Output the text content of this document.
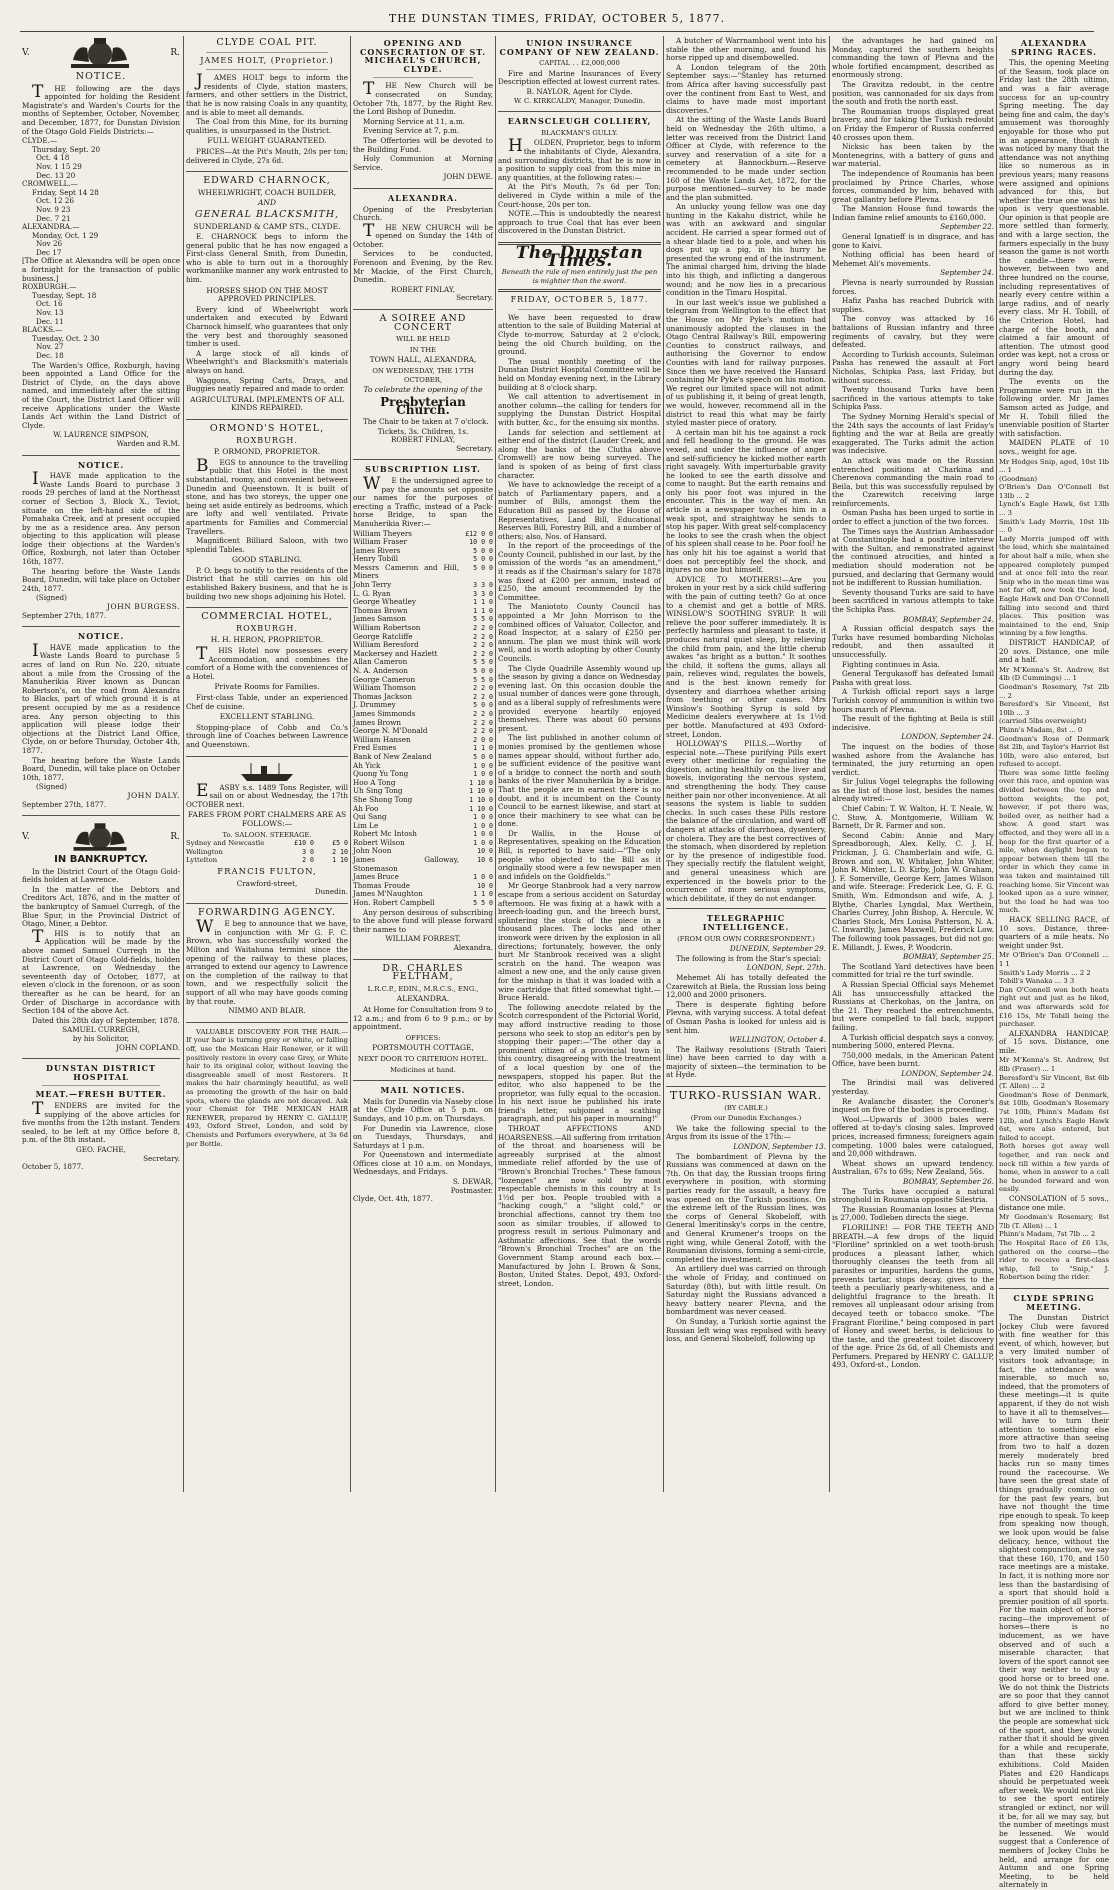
THE DUNSTAN TIMES, FRIDAY, OCTOBER 5, 1877.
V.	R.
NOTICE.

THE following are the days appointed for holding the Resident Magistrate's and Warden's Courts for the months of September, October, November, and December, 1877, for Dunstan Division of the Otago Gold Fields Districts:—

CLYDE.—
Thursday, Sept. 20
Oct. 4 18
Nov. 1 15 29
Dec. 13 20
CROMWELL.—
Friday, Sept 14 28
Oct. 12 26
Nov. 9 23
Dec. 7 21
ALEXANDRA.—
Monday, Oct. 1 29
Nov 26
Dec 17
[The Office at Alexandra will be open once a fortnight for the transaction of public business.]
ROXBURGH.—
Tuesday, Sept. 18
Oct. 16
Nov. 13
Dec. 11
BLACKS.—
Tuesday, Oct. 2 30
Nov. 27
Dec. 18

The Warden's Office, Roxburgh, having been appointed a Land Office for the District of Clyde, on the days above named, and immediately after the sitting of the Court, the District Land Officer will receive Applications under the Waste Lands Act within the Land District of Clyde.

W. LAURENCE SIMPSON,
Warden and R.M.
NOTICE.

IHAVE made application to the Waste Lands Board to purchase 3 roods 29 perches of land at the Northeast corner of Section 3, Block X., Teviot, situate on the left-hand side of the Pomahaka Creek, and at present occupied by me as a residence area. Any person objecting to this application will please lodge their objections at the Warden's Office, Roxburgh, not later than October 16th, 1877.

The hearing before the Waste Lands Board, Dunedin, will take place on October 24th, 1877.

(Signed)
JOHN BURGESS.
September 27th, 1877.
NOTICE.

IHAVE made application to the Waste Lands Board to purchase 5 acres of land on Run No. 220, situate about a mile from the Crossing of the Manuherikia River known as Duncan Robertson's, on the road from Alexandra to Blacks, part of which ground it is at present occupied by me as a residence area. Any person objecting to this application will please lodge their objections at the District Land Office, Clyde, on or before Thursday, October 4th, 1877.

The hearing before the Waste Lands Board, Dunedin, will take place on October 10th, 1877.

(Signed)
JOHN DALY.
September 27th, 1877.
V.	R.
IN BANKRUPTCY.

In the District Court of the Otago Gold-fields holden at Lawrence.

In the matter of the Debtors and Creditors Act, 1876, and in the matter of the bankruptcy of Samuel Curregh, of the Blue Spur, in the Provincial District of Otago, Miner, a Debtor.

THIS is to notify that an Application will be made by the above named Samuel Curregh in the District Court of Otago Gold-fields, holden at Lawrence, on Wednesday the seventeenth day of October, 1877, at eleven o'clock in the forenoon, or as soon thereafter as he can be heard, for an Order of Discharge in accordance with Section 184 of the above Act.

Dated this 28th day of September, 1878.

SAMUEL CURREGH,
by his Solicitor,
JOHN COPLAND.
DUNSTAN DISTRICT HOSPITAL
MEAT.—FRESH BUTTER.

TENDERS are invited for the supplying of the above articles for five months from the 12th instant. Tenders sealed, to be left at my Office before 8, p.m. of the 8th instant.

GEO. FACHE,
Secretary.
October 5, 1877.
CLYDE COAL PIT.
JAMES HOLT, (Proprietor.)

JAMES HOLT begs to inform the residents of Clyde, station masters, farmers, and other settlers in the District, that he is now raising Coals in any quantity, and is able to meet all demands.

The Coal from this Mine, for its burning qualities, is unsurpassed in the District.

FULL WEIGHT GUARANTEED.

PRICES—At the Pit's Mouth, 20s per ton; delivered in Clyde, 27s 6d.

EDWARD CHARNOCK,
WHEELWRIGHT, COACH BUILDER,
AND
GENERAL BLACKSMITH,
SUNDERLAND & CAMP STS., CLYDE.

E. CHARNOCK begs to inform the general public that he has now engaged a First-class General Smith, from Dunedin, who is able to turn out in a thoroughly workmanlike manner any work entrusted to him.

HORSES SHOD ON THE MOST APPROVED PRINCIPLES.

Every kind of Wheelwright work undertaken and executed by Edward Charnock himself, who guarantees that only the very best and thoroughly seasoned timber is used.

A large stock of all kinds of Wheelwright's and Blacksmith's materials always on hand.

Waggons, Spring Carts, Drays, and Buggies neatly repaired and made to order.

AGRICULTURAL IMPLEMENTS OF ALL KINDS REPAIRED.
ORMOND'S HOTEL,
ROXBURGH.
P. ORMOND, PROPRIETOR.

BEGS to announce to the travelling public that this Hotel is the most substantial, roomy, and convenient between Dunedin and Queenstown. It is built of stone, and has two storeys, the upper one being set aside entirely as bedrooms, which are lofty and well ventilated. Private apartments for Families and Commercial Travellers.

Magnificent Billiard Saloon, with two splendid Tables.

GOOD STABLING.

P. O. begs to notify to the residents of the District that he still carries on his old established Bakery business, and that he is building two new shops adjoining his Hotel.

COMMERCIAL HOTEL,
ROXBURGH.
H. H. HERON, PROPRIETOR.

THIS Hotel now possesses every Accommodation, and combines the comfort of a Home with the conveniences of a Hotel.

Private Rooms for Families.

First-class Table, under an experienced Chef de cuisine.

EXCELLENT STABLING.

Stopping-place of Cobb and Co.'s through line of Coaches between Lawrence and Queenstown.

EASBY s.s. 1489 Tons Register, will sail on or about Wednesday, the 17th OCTOBER next.

FARES FROM PORT CHALMERS ARE AS FOLLOWS:—
To. SALOON. STEERAGE.
Sydney and Newcastle	£10 0	£5 0
Wellington	3 0	2 10
Lyttelton	2 0	1 10
FRANCIS FULTON,
Crawford-street,
Dunedin.
FORWARDING AGENCY.

WE beg to announce that we have, in conjunction with Mr G. F. C. Brown, who has successfully worked the Milton and Waitahuna termini since the opening of the railway to these places, arranged to extend our agency to Lawrence on the completion of the railway to that town, and we respectfully solicit the support of all who may have goods coming by that route.

NIMMO AND BLAIR.

VALUABLE DISCOVERY FOR THE HAIR.—If your hair is turning grey or white, or falling off, use the Mexican Hair Renewer, or it will positively restore in every case Grey, or White hair to its original color, without leaving the disagreeable smell of most Restorers. It makes the hair charmingly beautiful, as well as promoting the growth of the hair on bald spots, where the glands are not decayed. Ask your Chemist for THE MEXICAN HAIR RENEWER, prepared by HENRY C. GALLUP, 493, Oxford Street, London, and sold by Chemists and Perfumers everywhere, at 3s 6d per Bottle.

OPENING AND CONSECRATION OF ST. MICHAEL'S CHURCH, CLYDE.

THE New Church will be consecrated on Sunday, October 7th, 1877, by the Right Rev. the Lord Bishop of Dunedin.

Morning Service at 11, a.m.

Evening Service at 7, p.m.

The Offertories will be devoted to the Building Fund.

Holy Communion at Morning Service.

JOHN DEWE.
ALEXANDRA.

Opening of the Presbyterian Church.

THE NEW CHURCH will be opened on Sunday the 14th of October.

Services to be conducted, Forenoon and Evening, by the Rev. Mr Mackie, of the First Church, Dunedin.

ROBERT FINLAY,
Secretary.
A SOIREE AND CONCERT
WILL BE HELD
IN THE
TOWN HALL, ALEXANDRA,
ON WEDNESDAY, THE 17TH OCTOBER,
To celebrate the opening of the
Presbyterian Church.

The Chair to be taken at 7 o'clock.

Tickets, 3s. Children, 1s.
ROBERT FINLAY,
Secretary.
SUBSCRIPTION LIST.

WE the undersigned agree to pay the amounts set opposite our names for the purposes of erecting a Traffic, instead of a Pack-horse Bridge, to span the Manuherikia River:—

William Theyers	£12 0 0
William Fraser	10 0 0
James Rivers	5 0 0
Henry Tobill	5 0 0
Messrs Cameron and Hill, Miners
5 0 0
John Terry	3 3 0
L. G. Ryan	3 3 0
George Wheatley	1 1 0
Thomas Brown	1 1 0
James Samson	5 5 0
William Robertson	2 2 0
George Ratcliffe	2 2 0
William Beresford	2 2 0
Mackersey and Hazlett	2 2 0
Allan Cameron	5 5 0
N. A. Anderson	5 0 0
George Cameron	5 5 0
William Thomson	2 2 0
Thomas Jackson	2 2 0
J. Drummey	5 0 0
James Simmonds	2 2 0
James Brown	2 2 0
George N. M'Donald	2 2 0
William Hansen	2 0 0
Fred Esmes	1 1 0
Bank of New Zealand	5 0 0
Ah Yick	1 0 0
Quong Yu Tong	1 0 0
Hoo A Tong	1 10 0
Uh Sing Tong	1 10 0
She Shong Tong	1 10 0
Ah Foo	1 10 0
Qui Sang	1 0 0
Lim Le	1 0 0
Robert Mc Intosh	1 0 0
Robert Wilson	1 0 0
John Noon	10 0
James Galloway, Stonemason
10 6
James Bruce	1 0 0
Thomas Froude	10 0
James M'Naughton	1 1 0
Hon. Robert Campbell	5 5 0

Any person desirous of subscribing to the above fund will please forward their names to

WILLIAM FORREST,
Alexandra.
DR. CHARLES FELTHAM,
L.R.C.P., EDIN., M.R.C.S., ENG.,
ALEXANDRA.

At Home for Consultation from 9 to 12 a.m.; and from 6 to 9 p.m.; or by appointment.

OFFICES:
PORTSMOUTH COTTAGE,
NEXT DOOR TO CRITERION HOTEL.
Medicines at hand.
MAIL NOTICES.

Mails for Dunedin via Naseby close at the Clyde Office at 5 p.m. on Sundays, and 10 p.m. on Thursdays.

For Dunedin via Lawrence, close on Tuesdays, Thursdays, and Saturdays at 1 p.m.

For Queenstown and intermediate Offices close at 10 a.m. on Mondays, Wednesdays, and Fridays.

S. DEWAR,
Postmaster.
Clyde, Oct. 4th, 1877.
UNION INSURANCE COMPANY OF NEW ZEALAND.
CAPITAL . . £2,000,000

Fire and Marine Insurances of Every Description effected at lowest current rates.

B. NAYLOR, Agent for Clyde.
W. C. KIRKCALDY, Manager, Dunedin.
EARNSCLEUGH COLLIERY,
BLACKMAN'S GULLY.

HOLDEN, Proprietor, begs to inform the inhabitants of Clyde, Alexandra, and surrounding districts, that he is now in a position to supply coal from this mine in any quantities, at the following rates:—

At the Pit's Mouth, 7s 6d per Ton; delivered in Clyde within a mile of the Court-house, 20s per ton.

NOTE.—This is undoubtedly the nearest approach to true Coal that has ever been discovered in the Dunstan District.

The Dunstan Times.
Beneath the rule of men entirely just the pen is mightier than the sword.
FRIDAY, OCTOBER 5, 1877.

We have been requested to draw attention to the sale of Building Material at Clyde to-morrow, Saturday at 2 o'clock, being the old Church building, on the ground.

The usual monthly meeting of the Dunstan District Hospital Committee will be held on Monday evening next, in the Library building at 8 o'clock sharp.

We call attention to advertisement in another column—the calling for tenders for supplying the Dunstan District Hospital with butter, &c., for the ensuing six months.

Lands for selection and settlement at either end of the district (Lauder Creek, and along the banks of the Clutha above Cromwell) are now being surveyed. The land is spoken of as being of first class character.

We have to acknowledge the receipt of a batch of Parliamentary papers, and a number of Bills, amongst them the Education Bill as passed by the House of Representatives, Land Bill, Educational Reserves Bill, Forestry Bill, and a number of others; also, Nos. of Hansard.

In the report of the proceedings of the County Council, published in our last, by the omission of the words "as an amendment," it reads as if the Chairman's salary for 1878 was fixed at £200 per annum, instead of £250, the amount recommended by the Committee.

The Maniototo County Council has appointed a Mr John Morrison to the combined offices of Valuator, Collector, and Road Inspector, at a salary of £250 per annum. The plan we must think will work well, and is worth adopting by other County Councils.

The Clyde Quadrille Assembly wound up the season by giving a dance on Wednesday evening last. On this occasion double the usual number of dances were gone through, and as a liberal supply of refreshments were provided everyone heartily enjoyed themselves. There was about 60 persons present.

The list published in another column of monies promised by the gentlemen whose names appear should, without further ado, be sufficient evidence of the positive want of a bridge to connect the north and south banks of the river Manuherikia by a bridge. That the people are in earnest there is no doubt, and it is incumbent on the County Council to be earnest likewise, and start at once their machinery to see what can be done.

Dr Wallis, in the House of Representatives, speaking on the Education Bill, is reported to have said:—"The only people who objected to the Bill as it originally stood were a few newspaper men and infidels on the Goldfields."

Mr George Stanbrook had a very narrow escape from a serious accident on Saturday afternoon. He was fixing at a hawk with a breech-loading gun, and the breech burst, splintering the stock of the piece in a thousand places. The locks and other ironwork were driven by the explosion in all directions; fortunately, however, the only hurt Mr Stanbrook received was a slight scratch on the hand. The weapon was almost a new one, and the only cause given for the mishap is that it was loaded with a wire cartridge that fitted somewhat tight.—Bruce Herald.

The following anecdote related by the Scotch correspondent of the Pictorial World, may afford instructive reading to those persons who seek to stop an editor's pen by stopping their paper:—"The other day a prominent citizen of a provincial town in this country, disagreeing with the treatment of a local question by one of the newspapers, stopped his paper. But the editor, who also happened to be the proprietor, was fully equal to the occasion. In his next issue he published his irate friend's letter, subjoined a scathing paragraph, and put his paper in mourning!"

THROAT AFFECTIONS AND HOARSENESS.—All suffering from irritation of the throat and hoarseness will be agreeably surprised at the almost immediate relief afforded by the use of "Brown's Bronchial Troches." These famous "lozenges" are now sold by most respectable chemists in this country at 1s 1½d per box. People troubled with a "hacking cough," a "slight cold," or bronchial affections, cannot try them too soon as similar troubles, if allowed to progress result in serious Pulmonary and Asthmatic affections. See that the words "Brown's Bronchial Troches" are on the Government Stamp around each box.—Manufactured by John I. Brown & Sons, Boston, United States. Depot, 493, Oxford-street, London.

A butcher of Warrnambool went into his stable the other morning, and found his horse ripped up and disembowelled.

A London telegram of the 20th September says:—"Stanley has returned from Africa after having successfully past over the continent from East to West, and claims to have made most important discoveries."

At the sitting of the Waste Lands Board held on Wednesday the 26th ultimo, a letter was received from the District Land Officer at Clyde, with reference to the survey and reservation of a site for a cemetery at Bannockburn.—Reserve recommended to be made under section 160 of the Waste Lands Act, 1872, for the purpose mentioned—survey to be made and the plan submitted.

An unlucky young fellow was one day hunting in the Kakahu district, while he was with an awkward and singular accident. He carried a spear formed out of a shear blade tied to a pole, and when his dogs put up a pig, in his hurry he presented the wrong end of the instrument. The animal charged him, driving the blade into his thigh, and inflicting a dangerous wound; and he now lies in a precarious condition in the Timaru Hospital.

In our last week's issue we published a telegram from Wellington to the effect that the House on Mr Pyke's motion had unanimously adopted the clauses in the Otago Central Railway's Bill, empowering Counties to construct railways, and authorising the Governor to endow Counties with land for railway purposes. Since then we have received the Hansard containing Mr Pyke's speech on his motion. We regret our limited space will not admit of us publishing it, it being of great length, we would, however, recommend all in the district to read this what may be fairly styled master piece of oratory.

A certain man bit his toe against a rock and fell headlong to the ground. He was vexed, and under the influence of anger and self-sufficiency he kicked mother earth right savagely. With imperturbable gravity he looked to see the earth dissolve and come to naught. But the earth remains and only his poor foot was injured in the encounter. This is the way of men. An article in a newspaper touches him in a weak spot, and straightway he sends to stop his paper. With great self-complacency he looks to see the crash when the object of his spleen shall cease to be. Poor fool! he has only hit his toe against a world that does not perceptibly feel the shock, and injures no one but himself.

ADVICE TO MOTHERS!—Are you broken in your rest by a sick child suffering with the pain of cutting teeth? Go at once to a chemist and get a bottle of MRS. WINSLOW'S SOOTHING SYRUP. It will relieve the poor sufferer immediately. It is perfectly harmless and pleasant to taste, it produces natural quiet sleep, by relieving the child from pain, and the little cherub awakes "as bright as a button." It soothes the child, it softens the gums, allays all pain, relieves wind, regulates the bowels, and is the best known remedy for dysentery and diarrhoea whether arising from teething or other causes. Mrs Winslow's Soothing Syrup is sold by Medicine dealers everywhere at 1s 1½d per bottle. Manufactured at 493 Oxford-street, London.

HOLLOWAY'S PILLS.—Worthy of especial note.—These purifying Pills exert every other medicine for regulating the digestion, acting healthily on the liver and bowels, invigorating the nervous system, and strengthening the body. They cause neither pain nor other inconvenience. At all seasons the system is liable to sudden checks. In such cases these Pills restore the balance of the circulation, and ward off dangers at attacks of diarrhoea, dysentery, or cholera. They are the best correctives of the stomach, when disordered by repletion or by the presence of indigestible food. They specially rectify the flatulent weight, and general uneasiness which are experienced in the bowels prior to the occurrence of more serious symptoms, which debilitate, if they do not endanger.

TELEGRAPHIC INTELLIGENCE.
(FROM OUR OWN CORRESPONDENT.)
DUNEDIN, September 29.

The following is from the Star's special:

LONDON, Sept. 27th.

Mehemet Ali has totally defeated the Czarewitch at Biela, the Russian loss being 12,000 and 2000 prisoners.

There is desperate fighting before Plevna, with varying success. A total defeat of Osman Pasha is looked for unless aid is sent him.

WELLINGTON, October 4.

The Railway resolutions (Strath Taieri line) have been carried to day with a majority of sixteen—the termination to be at Hyde.

TURKO-RUSSIAN WAR.
(BY CABLE.)
(From our Dunedin Exchanges.)

We take the following special to the Argus from its issue of the 17th:—

LONDON, September 13.

The bombardment of Plevna by the Russians was commenced at dawn on the 7th. On that day, the Russian troops firing everywhere in position, with storming parties ready for the assault, a heavy fire was opened on the Turkish positions. On the extreme left of the Russian lines, was the corps of General Skobeloff, with General Imeritinsky's corps in the centre, and General Krumener's troops on the right wing, while General Zotoff, with the Roumanian divisions, forming a semi-circle, completed the investment.

An artillery duel was carried on through the whole of Friday, and continued on Saturday (8th), but with little result. On Saturday night the Russians advanced a heavy battery nearer Plevna, and the bombardment was never ceased.

On Sunday, a Turkish sortie against the Russian left wing was repulsed with heavy loss, and General Skobeloff, following up

the advantages he had gained on Monday, captured the southern heights commanding the town of Plevna and the whole fortified encampment, described as enormously strong.

The Gravitza redoubt, in the centre position, was cannonaded for six days from the south and froth the north east.

The Roumanian troops displayed great bravery, and for taking the Turkish redoubt on Friday the Emperor of Russia conferred 40 crosses upon them.

Nicksic has been taken by the Montenegrins, with a battery of guns and war material.

The independence of Roumania has been proclaimed by Prince Charles, whose forces, commanded by him, behaved with great gallantry before Plevna.

The Mansion House fund towards the Indian famine relief amounts to £160,000.

September 22.

General Ignatieff is in disgrace, and has gone to Kaivi.

Nothing official has been heard of Mehemet Ali's movements.

September 24.

Plevna is nearly surrounded by Russian forces.

Hafiz Pasha has reached Dubrick with supplies.

The convoy was attacked by 16 battalions of Russian infantry and three regiments of cavalry, but they were defeated.

According to Turkish accounts, Suleiman Pasha has renewed the assault at Fort Nicholas, Schipka Pass, last Friday, but without success.

Twenty thousand Turks have been sacrificed in the various attempts to take Schipka Pass.

The Sydney Morning Herald's special of the 24th says the accounts of last Friday's fighting and the war at Beila are greatly exaggerated. The Turks admit the action was indecisive.

An attack was made on the Russian entrenched positions at Charkina and Cherenova commanding the main road to Beila, but this was successfully repulsed by the Czarewitch receiving large reinforcements.

Osman Pasha has been urged to sortie in order to effect a junction of the two forces.

The Times says the Austrian Ambassador at Constantinople had a positive interview with the Sultan, and remonstrated against the continued atrocities, and hinted a mediation should moderation not be pursued, and declaring that Germany would not be indifferent to Russian humiliation.

Seventy thousand Turks are said to have been sacrificed in various attempts to take the Schipka Pass.

BOMBAY, September 24.

A Russian official despatch says the Turks have resumed bombarding Nicholas redoubt, and then assaulted it unsuccessfully.

Fighting continues in Asia.

General Tergukasoff has defeated Ismail Pasha with great loss.

A Turkish official report says a large Turkish convoy of ammunition is within two hours march of Plevna.

The result of the fighting at Beila is still indecisive.

LONDON, September 24.

The inquest on the bodies of those washed ashore from the Avalanche has terminated, the jury returning an open verdict.

Sir Julius Vogel telegraphs the following as the list of those lost, besides the names already wired:—

Chief Cabin: T. W. Walton, H. T. Neale, W. C. Stow, A. Montgomerie, William W. Barnett, Dr R. Farmer and son.

Second Cabin: Annie and Mary Spreadborough, Alex. Kelly, C. J. H. Prickman, J. G. Chamberlain and wife, G. Brown and son, W. Whitaker, John Whiter, John R. Minter, L. D. Kirby, John W. Graham, J. F. Somerville, George Kerr, James Wilson and wife. Steerage: Frederick Lee, G. F. G. Smith, Wm. Edmondson and wife, A. J. Blythe, Charles Lyngdal, Max Werthein, Charles Currey, John Bishop, A. Hercule, W. Charles Stock, Mrs Louisa Patterson, N. A. C. Inwardly, James Maxwell, Frederick Low. The following took passages, but did not go: E. Millandt, J. Ewes, P. Woodcrin.

BOMBAY, September 25.

The Scotland Yard detectives have been committed for trial re the turf swindle.

A Russian Special Official says Mehemet Ali has unsuccessfully attacked the Russians at Cherkohas, on the Jantra, on the 21. They reached the entrenchments, but were compelled to fall back, support failing.

A Turkish official despatch says a convoy, numbering 5000, entered Plevna.

750,000 medals, in the American Patent Office, have been burnt.

LONDON, September 24.

The Brindisi mail was delivered yesterday.

Re Avalanche disaster, the Coroner's inquest on five of the bodies is proceeding.

Wool.—Upwards of 3000 bales were offered at to-day's closing sales. Improved prices, increased firmness; foreigners again competing. 1000 bales were catalogued, and 20,000 withdrawn.

Wheat shows an upward tendency. Australian, 67s to 69s; New Zealand, 56s.

BOMBAY, September 26.

The Turks have occupied a natural stronghold in Roumania opposite Silestria.

The Russian Roumanian losses at Plevna is 27,000. Todleben directs the siege.

FLORILINE! — FOR THE TEETH AND BREATH.—A few drops of the liquid "Floriline" sprinkled on a wet tooth-brush produces a pleasant lather, which thoroughly cleanses the teeth from all parasites or impurities, hardens the gums, prevents tartar, stops decay, gives to the teeth a peculiarly pearly-whiteness, and a delightful fragrance to the breath. It removes all unpleasant odour arising from decayed teeth or tobacco smoke. "The Fragrant Floriline," being composed in part of Honey and sweet herbs, is delicious to the taste, and the greatest toilet discovery of the age. Price 2s 6d, of all Chemists and Perfumers. Prepared by HENRY C. GALLUP, 493, Oxford-st., London.

ALEXANDRA SPRING RACES.

This, the opening Meeting of the Season, took place on Friday last the 28th ultimo, and was a fair average success for an up-country Spring meeting. The day being fine and calm, the day's amusement was thoroughly enjoyable for those who put in an appearance, though it was noticed by many that the attendance was not anything like so numerous as in previous years; many reasons were assigned and opinions advanced for this, but whether the true one was hit upon is very questionable. Our opinion is that people are more settled than formerly, and with a large section, the farmers especially in the busy season the game is not worth the candle—there were, however, between two and three hundred on the course, including representatives of nearly every centre within a large radius, and of nearly every class. Mr H. Tobill, of the Criterion Hotel, had charge of the booth, and claimed a fair amount of attention. The utmost good order was kept, not a cross or angry word being heard during the day.

The events on the Programme were run in the following order. Mr James Samson acted as Judge, and Mr H. Tobill filled the unenviable position of Starter with satisfaction.

MAIDEN PLATE of 10 sovs., weight for age.

Mr Hodges Snip, aged, 10st 1lb ... 1
(Goodman)
O'Brien's Dan O'Connell 8st 13lb ... 2
Lynch's Eagle Hawk, 6st 13lb ... 3
Smith's Lady Morris, 10st 1lb ... 0
Lady Morris jumped off with the lead, which she maintained for about half a mile, when she appeared completely pumped and at once fell into the rear. Snip who in the mean time was not far off, now took the lead, Eagle Hawk and Dan O'Connell falling into second and third places. This position was maintained to the end, Snip winning by a few lengths.

DISTRICT HANDICAP, of 20 sovs. Distance, one mile and a half.

Mr M'Kenna's St. Andrew, 8st 4lb (D Cummings) ... 1
Goodman's Rosemary, 7st 2lb ... 2
Beresford's Sir Vincent, 8st 10lb ... 3
(carried 5lbs overweight)
Phinn's Madam, 8st ... 0
Goodman's Rose of Denmark 8st 2lb, and Taylor's Harriot 8st 10lb, were also entered, but refused to accept.
There was some little feeling over this race, and opinion was divided between the top and bottom weights; the pot, however, if pot there was, boiled over, as neither had a show. A good start was effected, and they were all in a heap for the first quarter of a mile, when daylight began to appear between them till the order in which they came in was taken and maintained till reaching home. Sir Vincent was looked upon as a sure winner, but the load he had was too much.

HACK SELLING RACE, of 10 sovs. Distance, three-quarters of a mile heats. No weight under 9st.

Mr O'Brien's Dan O'Connell ... 1 1
Smith's Lady Morris ... 2 2
Tobill's Wanaka ... 3 3
Dan O'Connell won both heats right out and just as he liked, and was afterwards sold for £16 15s, Mr Tobill being the purchaser.

ALEXANDRA HANDICAP, of 15 sovs. Distance, one mile.

Mr M'Kenna's St. Andrew, 9st 8lb (Fraser) ... 1
Beresford's Sir Vincent, 8st 6lb (T. Allen) ... 2
Goodman's Rose of Denmark, 8st 10lb, Goodman's Rosemary 7st 10lb, Phinn's Madam 6st 12lb, and Lynch's Eagle Hawk 6st, were also entered, but failed to accept.
Both horses got away well together, and ran neck and neck till within a few yards of home, when in answer to a call he bounded forward and won easily.

CONSOLATION of 5 sovs., distance one mile.

Mr Goodman's Rosemary, 8st 7lb (T. Allen) ... 1
Phinn's Madam, 7st 7lb ... 2
The Hospital Race of £6 13s, gathered on the course—the rider to receive a first-class whip, fell to "Snip," J. Robertson being the rider.
CLYDE SPRING MEETING.

The Dunstan District Jockey Club were favored with fine weather for this event, of which, however, but a very limited number of visitors took advantage; in fact, the attendance was miserable, so much so, indeed, that the promoters of these meetings—it is quite apparent, if they do not wish to have it all to themselves—will have to turn their attention to something else more attractive than seeing from two to half a dozen merely moderately bred hacks run so many times round the racecourse. We have seen the great state of things gradually coming on for the past few years, but have not thought the time ripe enough to speak. To keep from speaking now though, we look upon would be false delicacy, hence, without the slightest compunction, we say that these 160, 170, and 150 race meetings are a mistake. In fact, it is nothing more nor less than the bastardising of a sport that should hold a premier position of all sports. For the main object of horse-racing—the improvement of horses—there is no inducement, as we have observed and of such a miserable character, that lovers of the sport cannot see their way neither to buy a good horse or to breed one. We do not think the Districts are so poor that they cannot afford to give better money, but we are inclined to think the people are somewhat sick of the sport, and they would rather that it should be given for a while and recuperate, than that these sickly exhibitions. Cold Maiden Plates and £20 Handicaps should be perpetuated week after week. We would not like to see the sport entirely strangled or extinct, nor will it be, for all we may say, but the number of meetings must be lessened. We would suggest that a Conference of members of Jockey Clubs be held, and arrange for one Autumn and one Spring Meeting, to be held alternately in
